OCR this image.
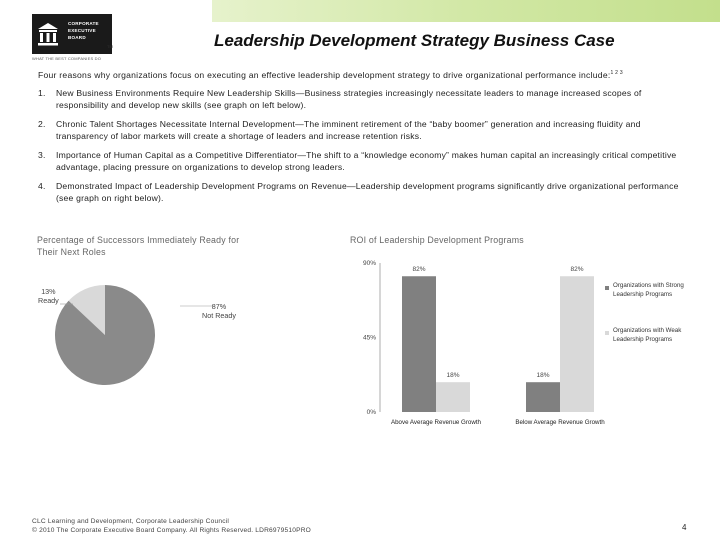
CORPORATE
EXECUTIVE
BOARD
TM
WHAT THE BEST COMPANIES DO
Leadership Development Strategy Business Case
Four reasons why organizations focus on executing an effective leadership development strategy to drive organizational performance include:$^{1 2 3}$
1. New Business Environments Require New Leadership Skills—Business strategies increasingly necessitate leaders to manage increased scopes of responsibility and develop new skills (see graph on left below).
2. Chronic Talent Shortages Necessitate Internal Development—The imminent retirement of the “baby boomer” generation and increasing fluidity and transparency of labor markets will create a shortage of leaders and increase retention risks.
3. Importance of Human Capital as a Competitive Differentiator—The shift to a “knowledge economy” makes human capital an increasingly critical competitive advantage, placing pressure on organizations to develop strong leaders.
4. Demonstrated Impact of Leadership Development Programs on Revenue—Leadership development programs significantly drive organizational performance (see graph on right below).
Percentage of Successors Immediately Ready for Their Next Roles
13%
Ready
87%
Not Ready
ROI of Leadership Development Programs
0%
45%
90%
82%
18%	18%
82%
Above Average Revenue Growth	Below Average Revenue Growth
Organizations with Strong Leadership Programs
Organizations with Weak Leadership Programs
CLC Learning and Development, Corporate Leadership Council
© 2010 The Corporate Executive Board Company. All Rights Reserved. LDR6979510PRO	4
